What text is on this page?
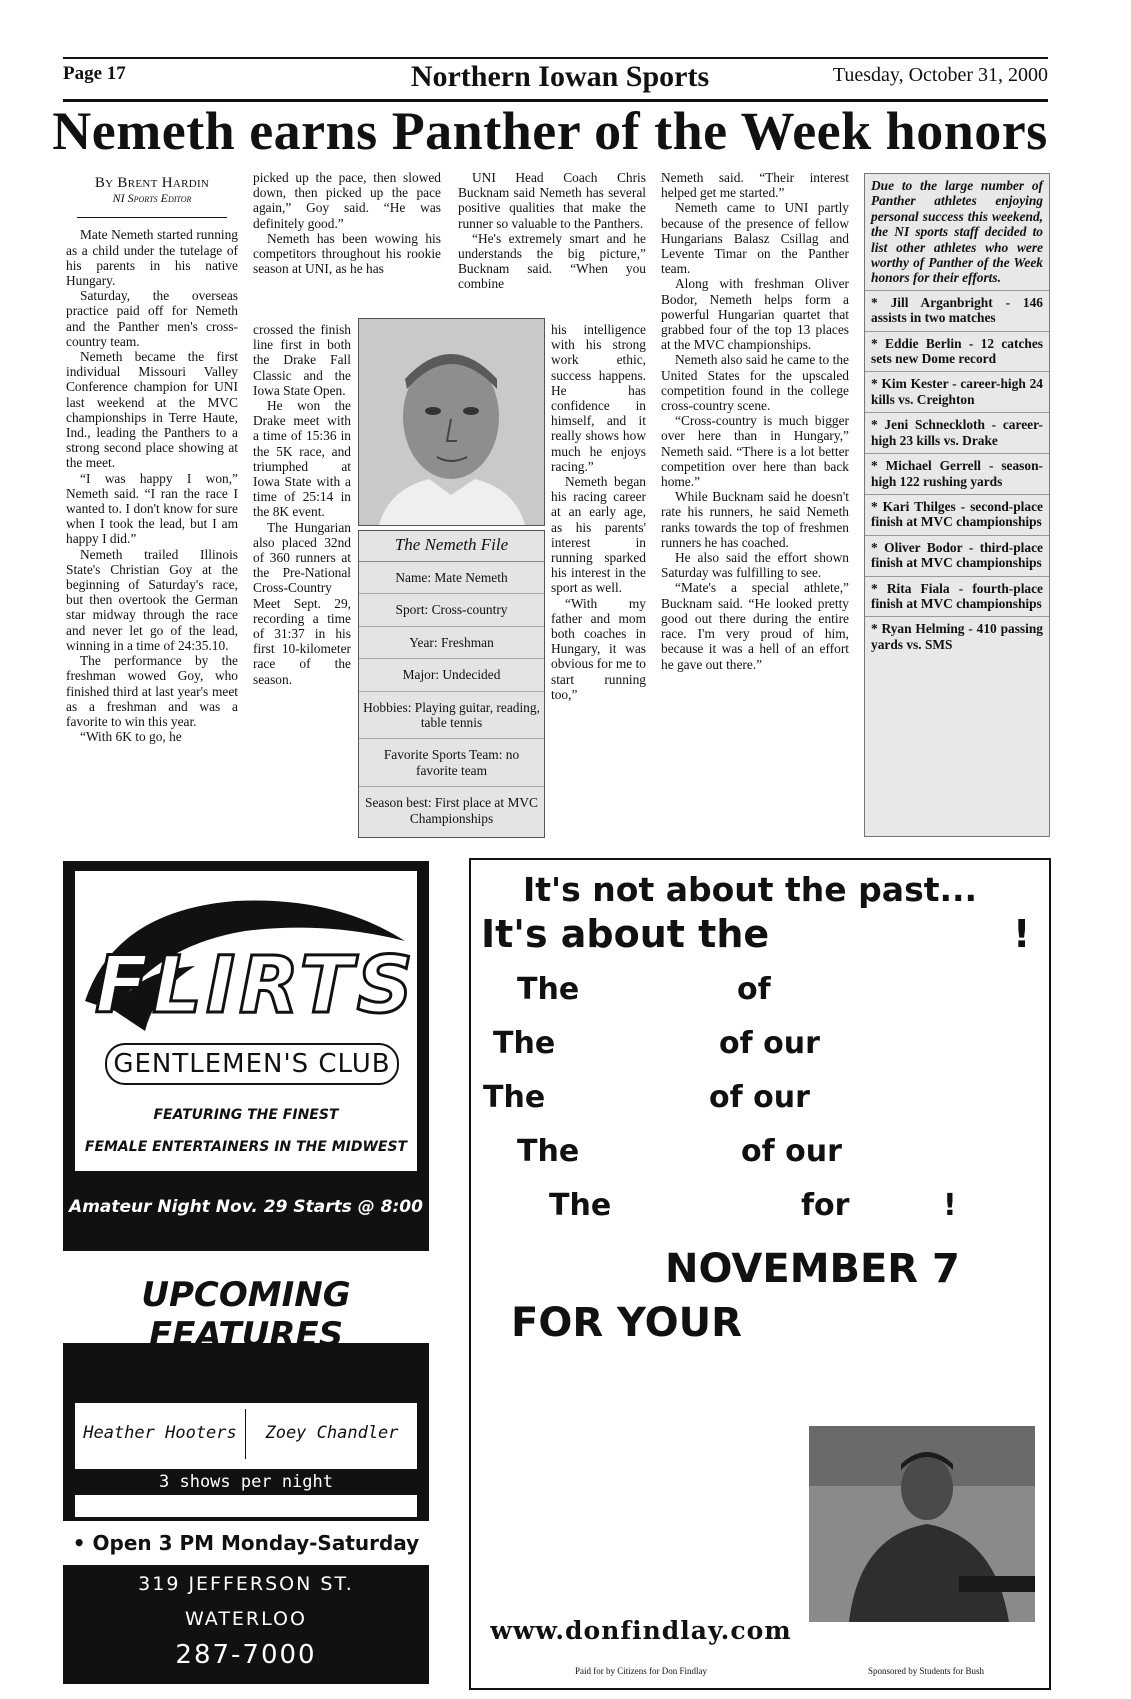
Page 17	Northern Iowan Sports	Tuesday, October 31, 2000
Nemeth earns Panther of the Week honors
By Brent Hardin
NI Sports Editor

Mate Nemeth started running as a child under the tutelage of his parents in his native Hungary.

Saturday, the overseas practice paid off for Nemeth and the Panther men's cross-country team.

Nemeth became the first individual Missouri Valley Conference champion for UNI last weekend at the MVC championships in Terre Haute, Ind., leading the Panthers to a strong second place showing at the meet.

“I was happy I won,” Nemeth said. “I ran the race I wanted to. I don't know for sure when I took the lead, but I am happy I did.”

Nemeth trailed Illinois State's Christian Goy at the beginning of Saturday's race, but then overtook the German star midway through the race and never let go of the lead, winning in a time of 24:35.10.

The performance by the freshman wowed Goy, who finished third at last year's meet as a freshman and was a favorite to win this year.

“With 6K to go, he

picked up the pace, then slowed down, then picked up the pace again,” Goy said. “He was definitely good.”

Nemeth has been wowing his competitors throughout his rookie season at UNI, as he has

crossed the finish line first in both the Drake Fall Classic and the Iowa State Open.

He won the Drake meet with a time of 15:36 in the 5K race, and triumphed at Iowa State with a time of 25:14 in the 8K event.

The Hungarian also placed 32nd of 360 runners at the Pre-National Cross-Country Meet Sept. 29, recording a time of 31:37 in his first 10-kilometer race of the season.

UNI Head Coach Chris Bucknam said Nemeth has several positive qualities that make the runner so valuable to the Panthers.

“He's extremely smart and he understands the big picture,” Bucknam said. “When you combine

his intelligence with his strong work ethic, success happens. He has confidence in himself, and it really shows how much he enjoys racing.”

Nemeth began his racing career at an early age, as his parents' interest in running sparked his interest in the sport as well.

“With my father and mom both coaches in Hungary, it was obvious for me to start running too,”

The Nemeth File
Name: Mate Nemeth
Sport: Cross-country
Year: Freshman
Major: Undecided
Hobbies: Playing guitar, reading, table tennis
Favorite Sports Team: no favorite team
Season best: First place at MVC Championships

Nemeth said. “Their interest helped get me started.”

Nemeth came to UNI partly because of the presence of fellow Hungarians Balasz Csillag and Levente Timar on the Panther team.

Along with freshman Oliver Bodor, Nemeth helps form a powerful Hungarian quartet that grabbed four of the top 13 places at the MVC championships.

Nemeth also said he came to the United States for the upscaled competition found in the college cross-country scene.

“Cross-country is much bigger over here than in Hungary,” Nemeth said. “There is a lot better competition over here than back home.”

While Bucknam said he doesn't rate his runners, he said Nemeth ranks towards the top of freshmen runners he has coached.

He also said the effort shown Saturday was fulfilling to see.

“Mate's a special athlete,” Bucknam said. “He looked pretty good out there during the entire race. I'm very proud of him, because it was a hell of an effort he gave out there.”

Due to the large number of Panther athletes enjoying personal success this weekend, the NI sports staff decided to list other athletes who were worthy of Panther of the Week honors for their efforts.
* Jill Arganbright - 146 assists in two matches
* Eddie Berlin - 12 catches sets new Dome record
* Kim Kester - career-high 24 kills vs. Creighton
* Jeni Schneckloth - career-high 23 kills vs. Drake
* Michael Gerrell - season-high 122 rushing yards
* Kari Thilges - second-place finish at MVC championships
* Oliver Bodor - third-place finish at MVC championships
* Rita Fiala - fourth-place finish at MVC championships
* Ryan Helming - 410 passing yards vs. SMS
FLIRTS
GENTLEMEN'S CLUB
FEATURING THE FINEST
FEMALE ENTERTAINERS IN THE MIDWEST
Amateur Night Nov. 29 Starts @ 8:00
UPCOMING FEATURES
Heather Hooters	Zoey Chandler
3 shows per night
• Open 3 PM Monday-Saturday
319 JEFFERSON ST.
WATERLOO
287-7000
It's not about the past...
It's about the	!
The	of
The	of our
The	of our
The	of our
The	for	!
NOVEMBER 7
FOR YOUR
www.donfindlay.com
Paid for by Citizens for Don Findlay	Sponsored by Students for Bush
